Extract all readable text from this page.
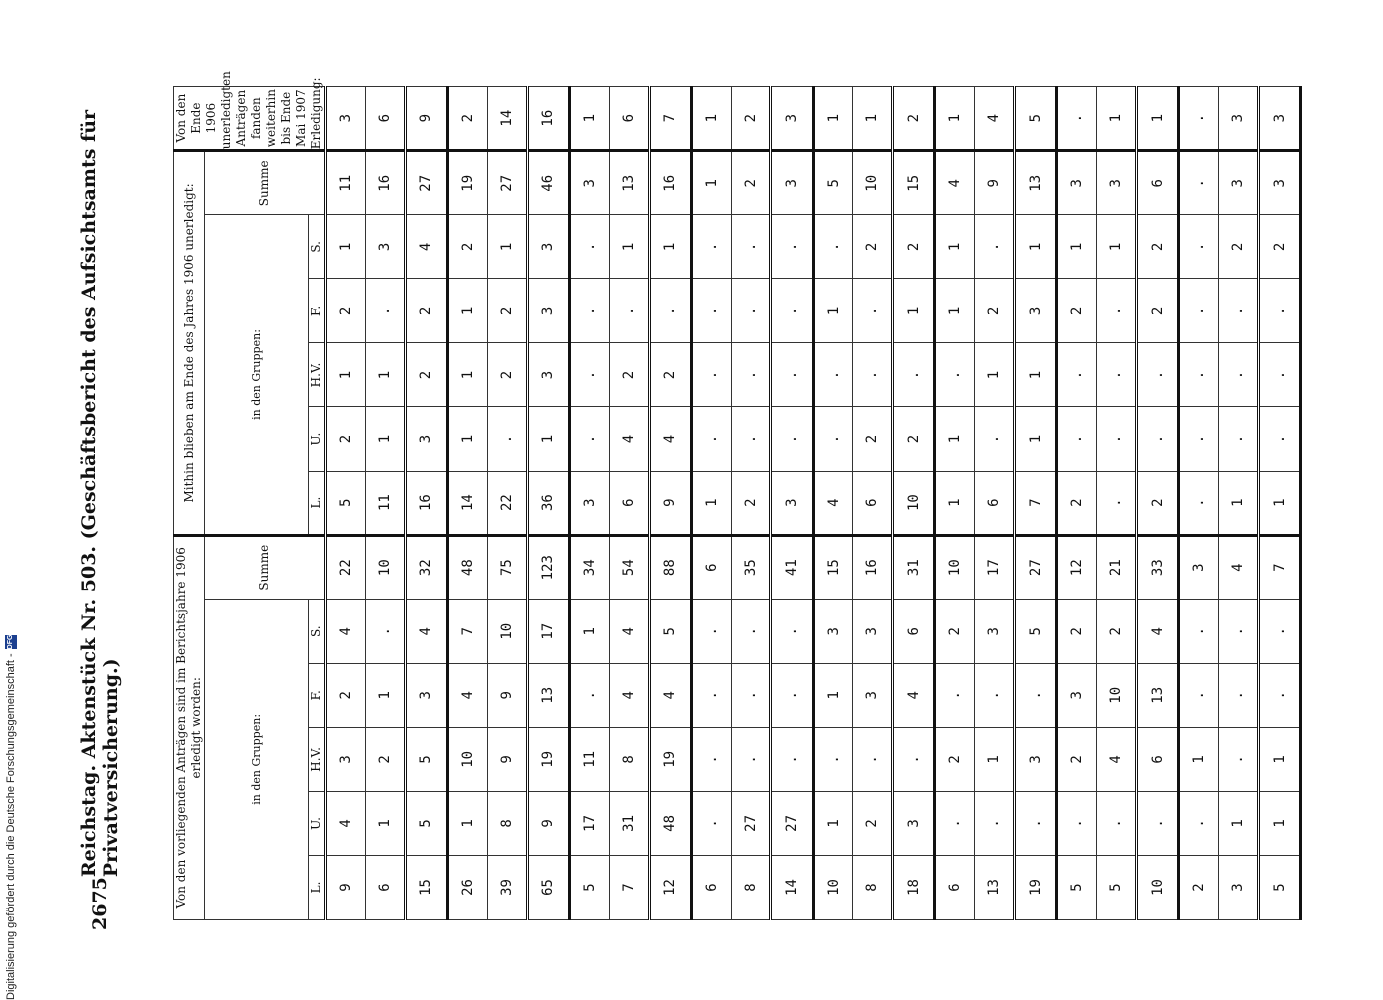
2675
Reichstag. Aktenstück Nr. 503. (Geschäftsbericht des Aufsichtsamts für Privatversicherung.)	Von den vorliegenden Anträgen sind im Berichtsjahre 1906 erledigt worden:						Mithin blieben am Ende des Jahres 1906 unerledigt:						Von den Ende 1906 unerledigten Anträgen fanden weiterhin bis Ende Mai 1907 Erledigung:
in den Gruppen:					Summe	in den Gruppen:					Summe	
L.	U.	H.V.	F.	S.		L.	U.	H.V.	F.	S.		
9	4	3	2	4	22	5	2	1	2	1	11	3
6	1	2	1	.	10	11	1	1	.	3	16	6
15	5	5	3	4	32	16	3	2	2	4	27	9
26	1	10	4	7	48	14	1	1	1	2	19	2
39	8	9	9	10	75	22	.	2	2	1	27	14
65	9	19	13	17	123	36	1	3	3	3	46	16
5	17	11	.	1	34	3	.	.	.	.	3	1
7	31	8	4	4	54	6	4	2	.	1	13	6
12	48	19	4	5	88	9	4	2	.	1	16	7
6	.	.	.	.	6	1	.	.	.	.	1	1
8	27	.	.	.	35	2	.	.	.	.	2	2
14	27	.	.	.	41	3	.	.	.	.	3	3
10	1	.	1	3	15	4	.	.	1	.	5	1
8	2	.	3	3	16	6	2	.	.	2	10	1
18	3	.	4	6	31	10	2	.	1	2	15	2
6	.	2	.	2	10	1	1	.	1	1	4	1
13	.	1	.	3	17	6	.	1	2	.	9	4
19	.	3	.	5	27	7	1	1	3	1	13	5
5	.	2	3	2	12	2	.	.	2	1	3	.
5	.	4	10	2	21	.	.	.	.	1	3	1
10	.	6	13	4	33	2	.	.	2	2	6	1
2	.	1	.	.	3	.	.	.	.	.	.	.
3	1	.	.	.	4	1	.	.	.	2	3	3
5	1	1	.	.	7	1	.	.	.	2	3	3
Digitalisierung gefördert durch die Deutsche Forschungsgemeinschaft -
DFG
